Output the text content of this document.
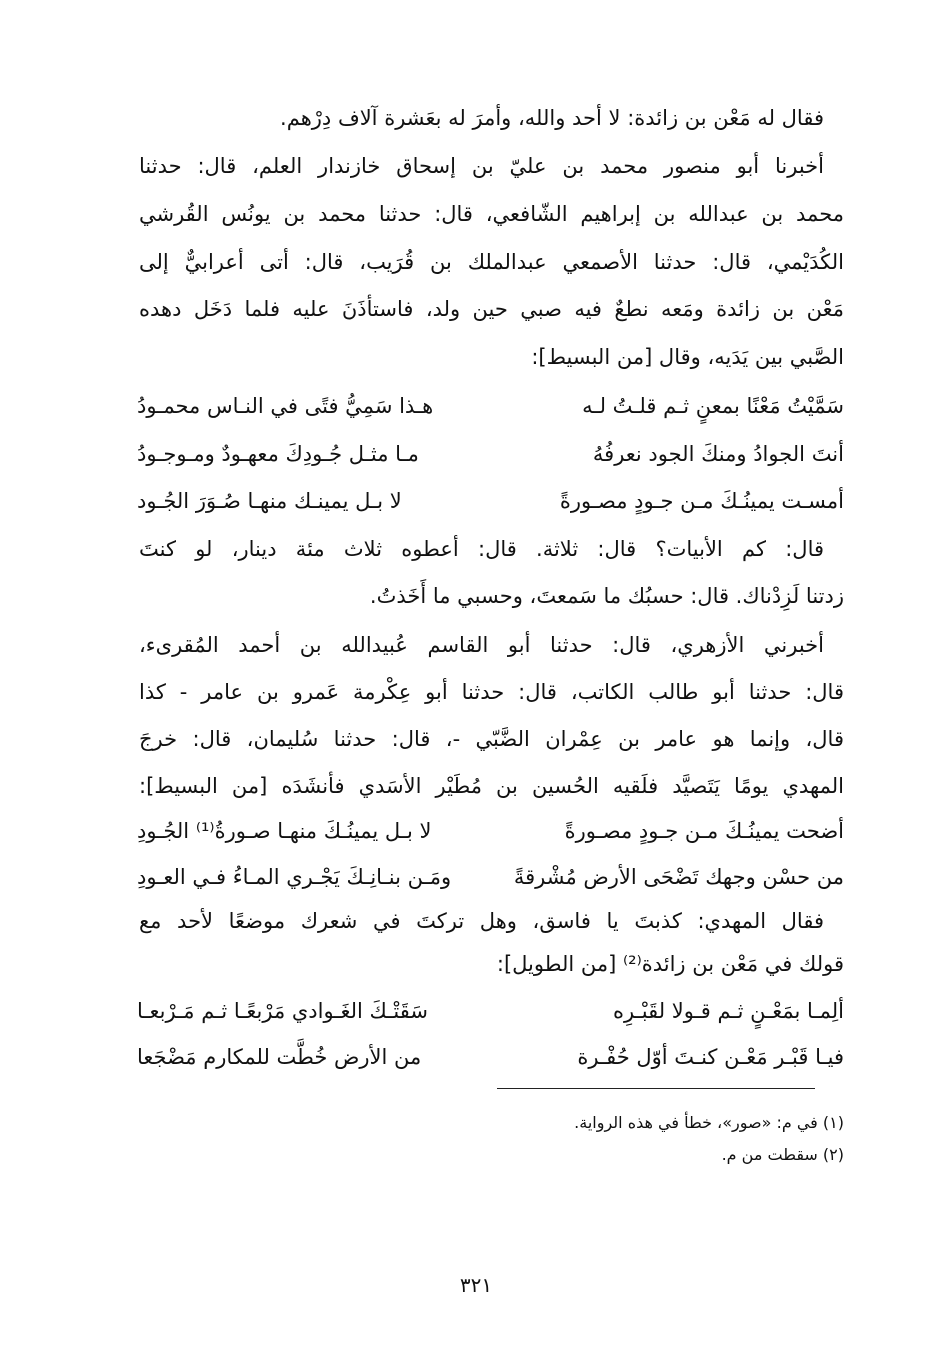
فقال له مَعْن بن زائدة: لا أحد والله، وأمرَ له بعَشرة آلاف دِرْهم.
أخبرنا أبو منصور محمد بن عليّ بن إسحاق خازندار العلم، قال: حدثنا
محمد بن عبدالله بن إبراهيم الشّافعي، قال: حدثنا محمد بن يونُس القُرشي
الكُدَيْمي، قال: حدثنا الأصمعي عبدالملك بن قُرَيب، قال: أتى أعرابيٌّ إلى
مَعْن بن زائدة ومَعه نطعٌ فيه صبي حين ولد، فاستأذَنَ عليه فلما دَخَل دهده
الصَّبي بين يَدَيه، وقال [من البسيط]:
سَمَّيْتُ مَعْنًا بمعنٍ ثـم قلـتُ لـه
هـذا سَمِيُّ فتًى في النـاس محمـودُ
أنتَ الجوادُ ومنكَ الجود نعرفُهُ
مـا مثـل جُـودِكَ معهـودٌ ومـوجـودُ
أمسـت يمينُـكَ مـن جـودٍ مصـورةً
لا بـل يمينـك منهـا صُـوَرَ الجُـود
قال: كم الأبيات؟ قال: ثلاثة. قال: أعطوه ثلاث مئة دينار، لو كنتَ
زدتنا لَزِدْناك. قال: حسبُك ما سَمعتَ، وحسبي ما أَخَذتُ.
أخبرني الأزهري، قال: حدثنا أبو القاسم عُبيدالله بن أحمد المُقرىء،
قال: حدثنا أبو طالب الكاتب، قال: حدثنا أبو عِكْرمة عَمرو بن عامر - كذا
قال، وإنما هو عامر بن عِمْران الضَّبّي -، قال: حدثنا سُليمان، قال: خرجَ
المهدي يومًا يَتَصيَّد فلَقيه الحُسين بن مُطَيْر الأسَدي فأنشَدَه [من البسيط]:
أضحت يمينُـكَ مـن جـودٍ مصـورةً
لا بـل يمينُـكَ منهـا صـورةُ⁽¹⁾ الجُـودِ
من حسْن وجهك تَضْحَى الأرض مُشْرقةً
ومَـن بنـانِـكَ يَجْـري المـاءُ فـي العـودِ
فقال المهدي: كذبتَ يا فاسق، وهل تركتَ في شعرك موضعًا لأحد مع
قولك في مَعْن بن زائدة⁽²⁾ [من الطويل]:
ألِمـا بمَعْـنٍ ثـم قـولا لقَبْـرِه
سَقَتْـكَ الغَـوادي مَرْبعًـا ثـم مَـرْبعـا
فيـا قَبْـر مَعْـن كنـتَ أوّل حُفْـرة
من الأرض خُطَّت للمكارم مَضْجَعا
(١) في م: «صور»، خطأ في هذه الرواية.
(٢) سقطت من م.
٣٢١
